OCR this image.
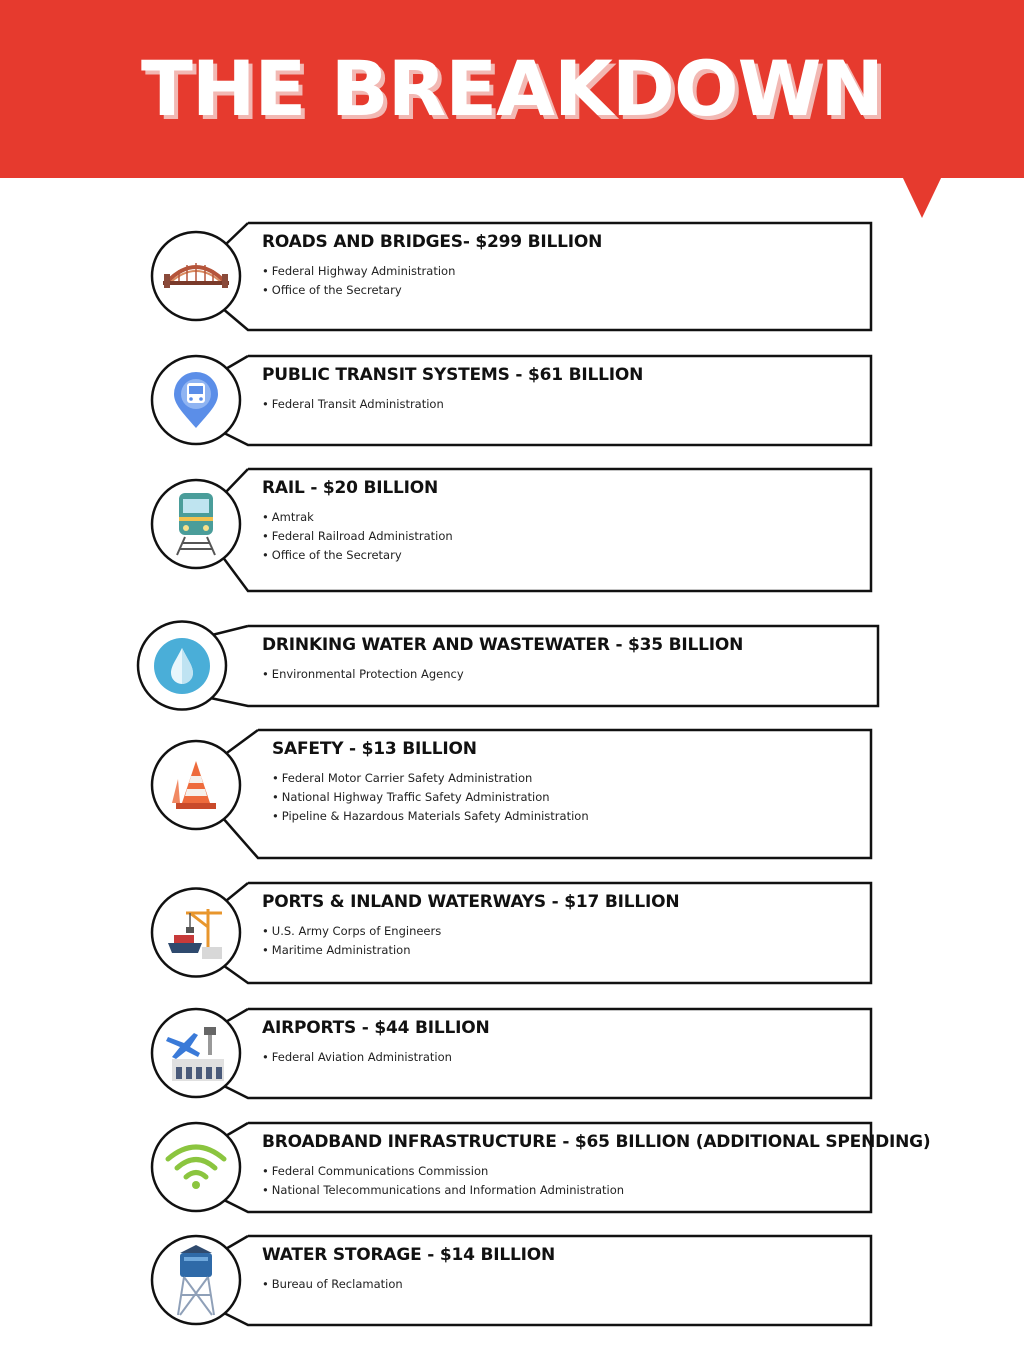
THE BREAKDOWN
ROADS AND BRIDGES- $299 BILLION
• Federal Highway Administration
• Office of the Secretary
PUBLIC TRANSIT SYSTEMS - $61 BILLION
• Federal Transit Administration
RAIL - $20 BILLION
• Amtrak
• Federal Railroad Administration
• Office of the Secretary
DRINKING WATER AND WASTEWATER - $35 BILLION
• Environmental Protection Agency
SAFETY - $13 BILLION
• Federal Motor Carrier Safety Administration
• National Highway Traffic Safety Administration
• Pipeline & Hazardous Materials Safety Administration
PORTS & INLAND WATERWAYS - $17 BILLION
• U.S. Army Corps of Engineers
• Maritime Administration
AIRPORTS - $44 BILLION
• Federal Aviation Administration
BROADBAND INFRASTRUCTURE - $65 BILLION (ADDITIONAL SPENDING)
• Federal Communications Commission
• National Telecommunications and Information Administration
WATER STORAGE - $14 BILLION
• Bureau of Reclamation
